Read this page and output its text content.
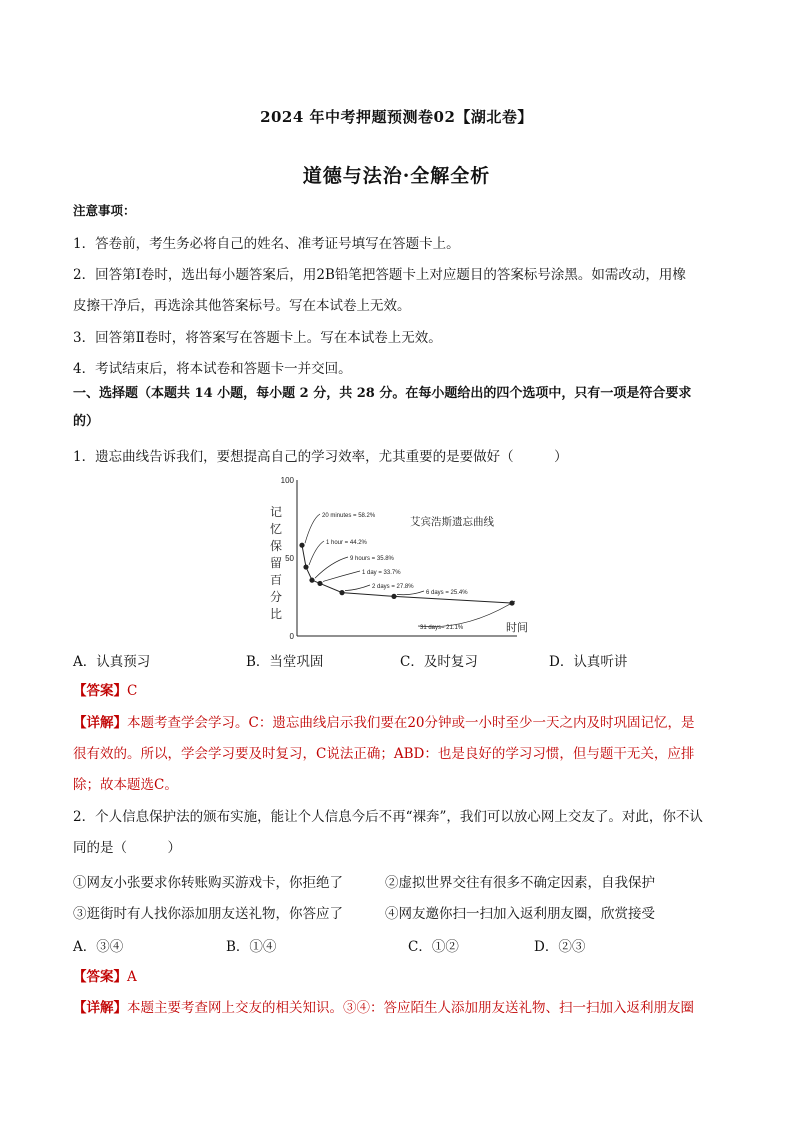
2024 年中考押题预测卷02【湖北卷】
道德与法治·全解全析
注意事项：
1．答卷前，考生务必将自己的姓名、准考证号填写在答题卡上。
2．回答第Ⅰ卷时，选出每小题答案后，用2B铅笔把答题卡上对应题目的答案标号涂黑。如需改动，用橡
皮擦干净后，再选涂其他答案标号。写在本试卷上无效。
3．回答第Ⅱ卷时，将答案写在答题卡上。写在本试卷上无效。
4．考试结束后，将本试卷和答题卡一并交回。
一、选择题（本题共 14 小题，每小题 2 分，共 28 分。在每小题给出的四个选项中，只有一项是符合要求
的）
1．遗忘曲线告诉我们，要想提高自己的学习效率，尤其重要的是要做好（　　　）
100
50
0
记
忆
保
留
百
分
比
艾宾浩斯遗忘曲线
时间
20 minutes = 58.2%
1 hour = 44.2%
9 hours = 35.8%
1 day = 33.7%
2 days = 27.8%
6 days = 25.4%
31 days= 21.1%
A．认真预习	B．当堂巩固	C．及时复习	D．认真听讲
【答案】C
【详解】本题考查学会学习。C：遗忘曲线启示我们要在20分钟或一小时至少一天之内及时巩固记忆，是
很有效的。所以，学会学习要及时复习，C说法正确；ABD：也是良好的学习习惯，但与题干无关，应排
除；故本题选C。
2．个人信息保护法的颁布实施，能让个人信息今后不再“裸奔”，我们可以放心网上交友了。对此，你不认
同的是（　　　）
①网友小张要求你转账购买游戏卡，你拒绝了	②虚拟世界交往有很多不确定因素，自我保护
③逛街时有人找你添加朋友送礼物，你答应了	④网友邀你扫一扫加入返利朋友圈，欣赏接受
A．③④	B．①④	C．①②	D．②③
【答案】A
【详解】本题主要考查网上交友的相关知识。③④：答应陌生人添加朋友送礼物、扫一扫加入返利朋友圈
